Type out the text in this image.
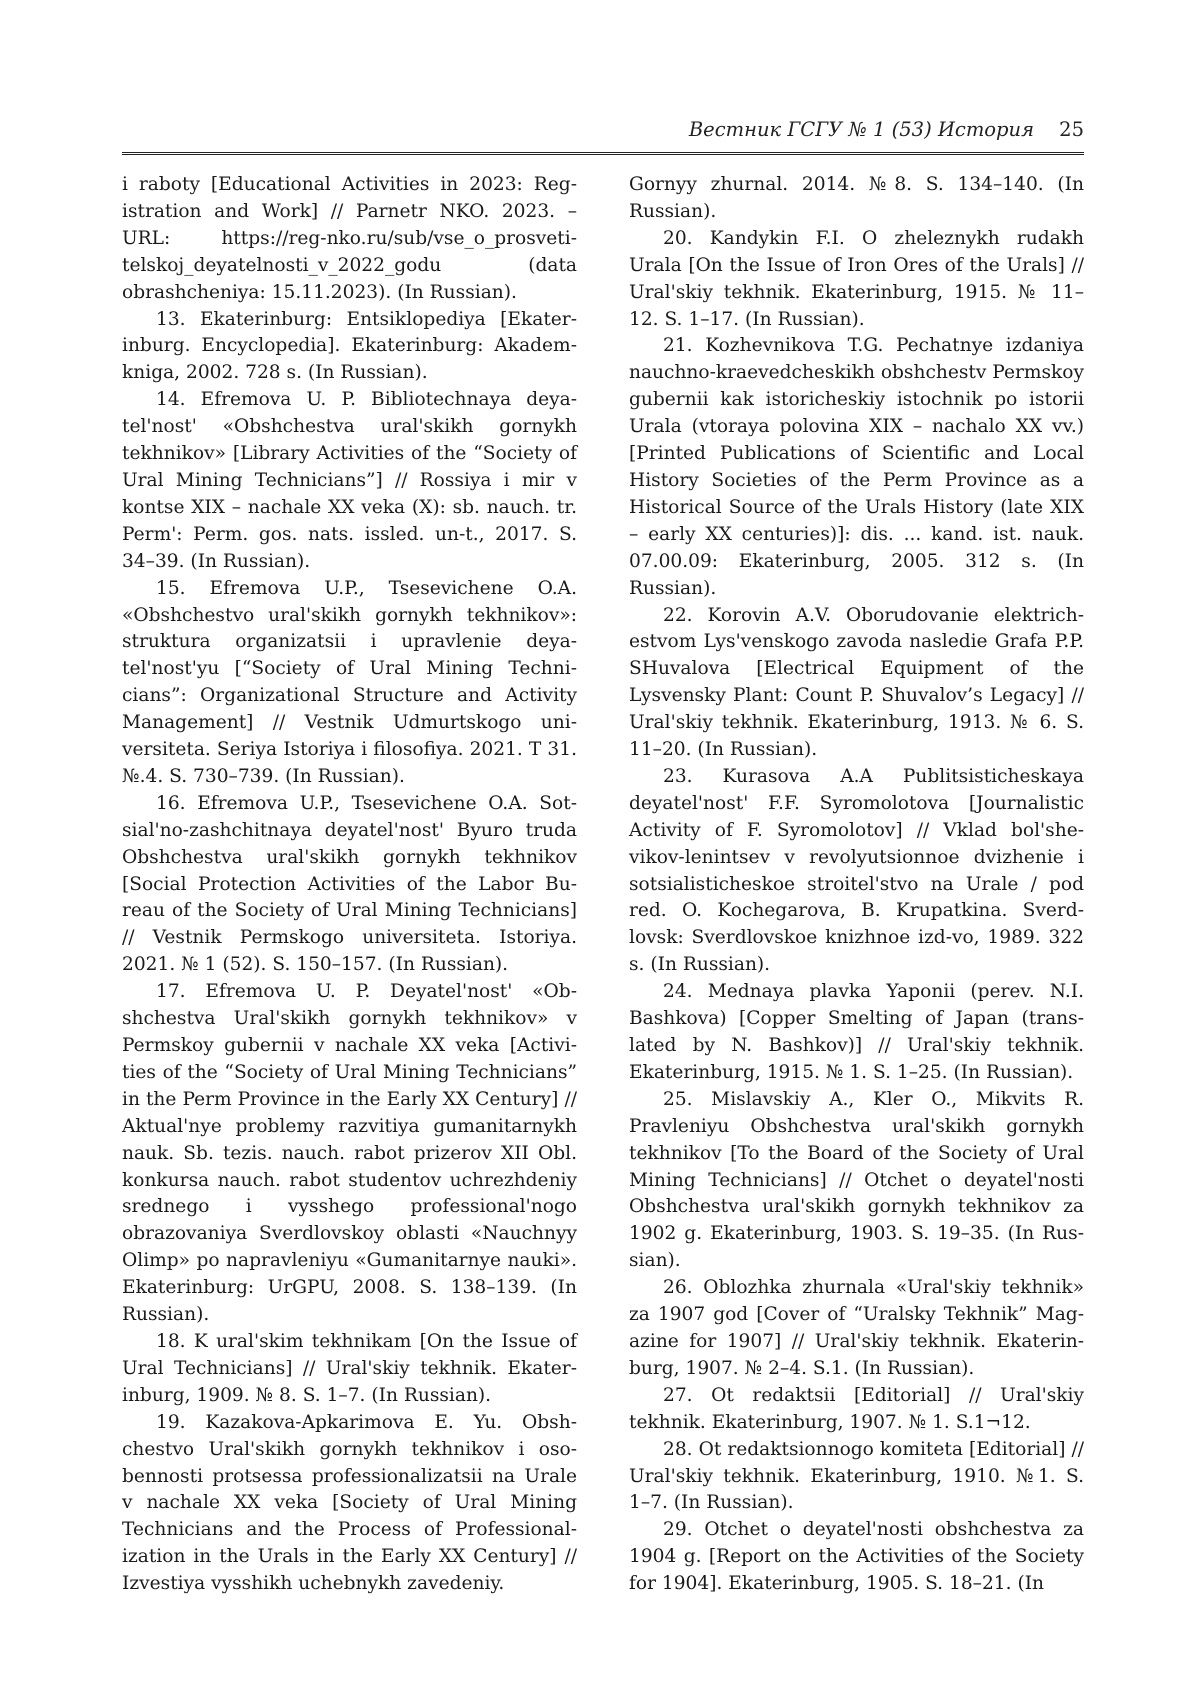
Вестник ГСГУ № 1 (53) История 25

i raboty [Educational Activities in 2023: Registration and Work] // Parnetr NKO. 2023. – URL: https://reg-nko.ru/sub/vse_o_prosvetitelskoj_deyatelnosti_v_2022_godu (data obrashcheniya: 15.11.2023). (In Russian).

13. Ekaterinburg: Entsiklopediya [Ekaterinburg. Encyclopedia]. Ekaterinburg: Akademkniga, 2002. 728 s. (In Russian).

14. Efremova U. P. Bibliotechnaya deyatel'nost' «Obshchestva ural'skikh gornykh tekhnikov» [Library Activities of the “Society of Ural Mining Technicians”] // Rossiya i mir v kontse XIX – nachale XX veka (X): sb. nauch. tr. Perm': Perm. gos. nats. issled. un-t., 2017. S. 34–39. (In Russian).

15. Efremova U.P., Tsesevichene O.A. «Obshchestvo ural'skikh gornykh tekhnikov»: struktura organizatsii i upravlenie deyatel'nost'yu [“Society of Ural Mining Technicians”: Organizational Structure and Activity Management] // Vestnik Udmurtskogo universiteta. Seriya Istoriya i filosofiya. 2021. T 31. №.4. S. 730–739. (In Russian).

16. Efremova U.P., Tsesevichene O.A. Sotsial'no-zashchitnaya deyatel'nost' Byuro truda Obshchestva ural'skikh gornykh tekhnikov [Social Protection Activities of the Labor Bureau of the Society of Ural Mining Technicians] // Vestnik Permskogo universiteta. Istoriya. 2021. № 1 (52). S. 150–157. (In Russian).

17. Efremova U. P. Deyatel'nost' «Obshchestva Ural'skikh gornykh tekhnikov» v Permskoy gubernii v nachale XX veka [Activities of the “Society of Ural Mining Technicians” in the Perm Province in the Early XX Century] // Aktual'nye problemy razvitiya gumanitarnykh nauk. Sb. tezis. nauch. rabot prizerov XII Obl. konkursa nauch. rabot studentov uchrezhdeniy srednego i vysshego professional'nogo obrazovaniya Sverdlovskoy oblasti «Nauchnyy Olimp» po napravleniyu «Gumanitarnye nauki». Ekaterinburg: UrGPU, 2008. S. 138–139. (In Russian).

18. K ural'skim tekhnikam [On the Issue of Ural Technicians] // Ural'skiy tekhnik. Ekaterinburg, 1909. № 8. S. 1–7. (In Russian).

19. Kazakova-Apkarimova E. Yu. Obshchestvo Ural'skikh gornykh tekhnikov i osobennosti protsessa professionalizatsii na Urale v nachale XX veka [Society of Ural Mining Technicians and the Process of Professionalization in the Urals in the Early XX Century] // Izvestiya vysshikh uchebnykh zavedeniy.

Gornyy zhurnal. 2014. №8. S. 134–140. (In Russian).

20. Kandykin F.I. O zheleznykh rudakh Urala [On the Issue of Iron Ores of the Urals] // Ural'skiy tekhnik. Ekaterinburg, 1915. № 11–12. S. 1–17. (In Russian).

21. Kozhevnikova T.G. Pechatnye izdaniya nauchno-kraevedcheskikh obshchestv Permskoy gubernii kak istoricheskiy istochnik po istorii Urala (vtoraya polovina XIX – nachalo XX vv.) [Printed Publications of Scientific and Local History Societies of the Perm Province as a Historical Source of the Urals History (late XIX – early XX centuries)]: dis. ... kand. ist. nauk. 07.00.09: Ekaterinburg, 2005. 312 s. (In Russian).

22. Korovin A.V. Oborudovanie elektrichestvom Lys'venskogo zavoda nasledie Grafa P.P. SHuvalova [Electrical Equipment of the Lysvensky Plant: Count P. Shuvalov’s Legacy] // Ural'skiy tekhnik. Ekaterinburg, 1913. № 6. S. 11–20. (In Russian).

23. Kurasova A.A Publitsisticheskaya deyatel'nost' F.F. Syromolotova [Journalistic Activity of F. Syromolotov] // Vklad bol'shevikov-lenintsev v revolyutsionnoe dvizhenie i sotsialisticheskoe stroitel'stvo na Urale / pod red. O. Kochegarova, B. Krupatkina. Sverdlovsk: Sverdlovskoe knizhnoe izd-vo, 1989. 322 s. (In Russian).

24. Mednaya plavka Yaponii (perev. N.I. Bashkova) [Copper Smelting of Japan (translated by N. Bashkov)] // Ural'skiy tekhnik. Ekaterinburg, 1915. № 1. S. 1–25. (In Russian).

25. Mislavskiy A., Kler O., Mikvits R. Pravleniyu Obshchestva ural'skikh gornykh tekhnikov [To the Board of the Society of Ural Mining Technicians] // Otchet o deyatel'nosti Obshchestva ural'skikh gornykh tekhnikov za 1902 g. Ekaterinburg, 1903. S. 19–35. (In Russian).

26. Oblozhka zhurnala «Ural'skiy tekhnik» za 1907 god [Cover of “Uralsky Tekhnik” Magazine for 1907] // Ural'skiy tekhnik. Ekaterinburg, 1907. № 2–4. S.1. (In Russian).

27. Ot redaktsii [Editorial] // Ural'skiy tekhnik. Ekaterinburg, 1907. № 1. S.1¬12.

28. Ot redaktsionnogo komiteta [Editorial] // Ural'skiy tekhnik. Ekaterinburg, 1910. №1. S. 1–7. (In Russian).

29. Otchet o deyatel'nosti obshchestva za 1904 g. [Report on the Activities of the Society for 1904]. Ekaterinburg, 1905. S. 18–21. (In
